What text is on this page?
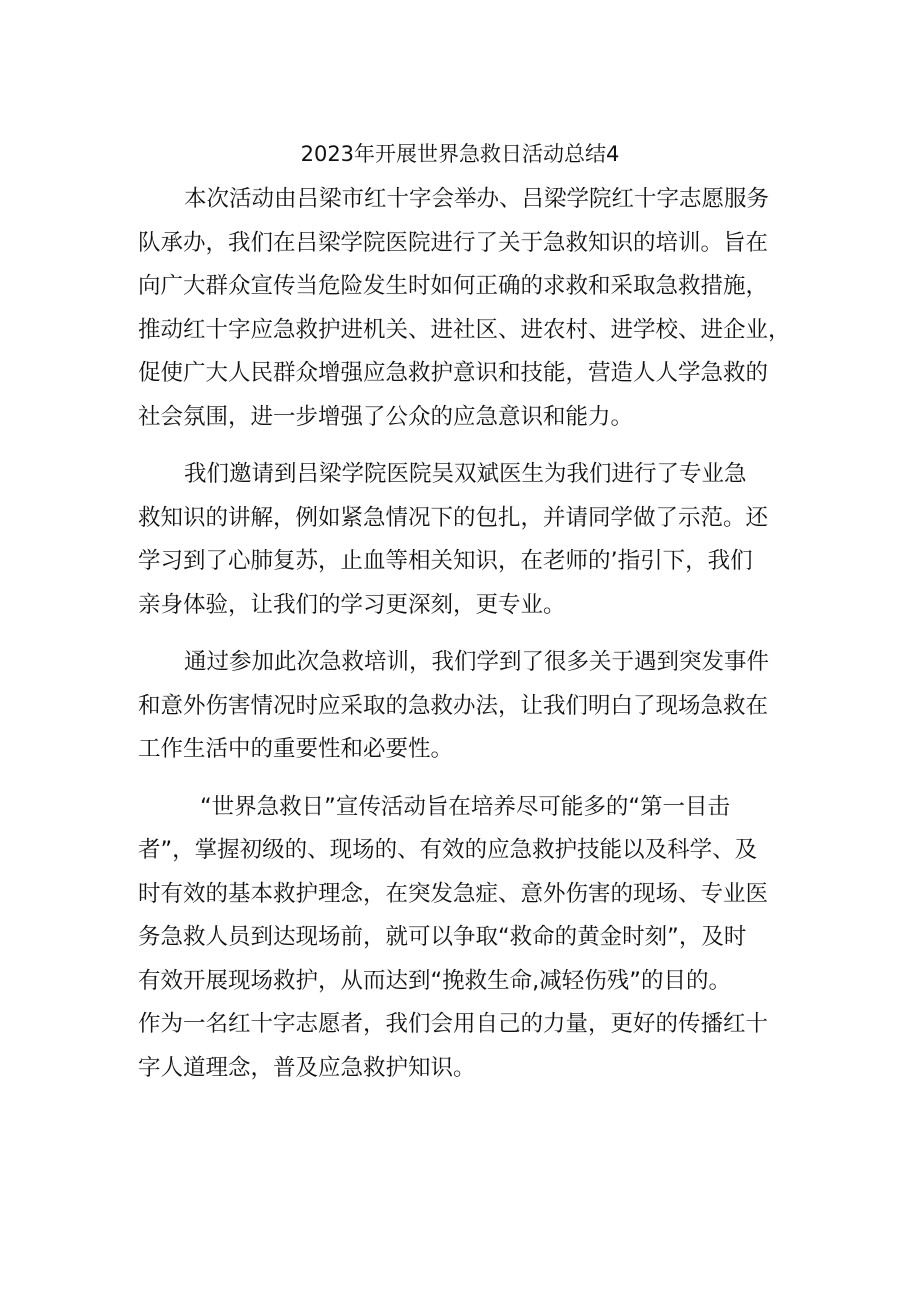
2023年开展世界急救日活动总结4
本次活动由吕梁市红十字会举办、吕梁学院红十字志愿服务
队承办，我们在吕梁学院医院进行了关于急救知识的培训。旨在
向广大群众宣传当危险发生时如何正确的求救和采取急救措施，
推动红十字应急救护进机关、进社区、进农村、进学校、进企业，
促使广大人民群众增强应急救护意识和技能，营造人人学急救的
社会氛围，进一步增强了公众的应急意识和能力。
我们邀请到吕梁学院医院吴双斌医生为我们进行了专业急
救知识的讲解，例如紧急情况下的包扎，并请同学做了示范。还
学习到了心肺复苏，止血等相关知识，在老师的’指引下，我们
亲身体验，让我们的学习更深刻，更专业。
通过参加此次急救培训，我们学到了很多关于遇到突发事件
和意外伤害情况时应采取的急救办法，让我们明白了现场急救在
工作生活中的重要性和必要性。
“世界急救日”宣传活动旨在培养尽可能多的“第一目击
者”，掌握初级的、现场的、有效的应急救护技能以及科学、及
时有效的基本救护理念，在突发急症、意外伤害的现场、专业医
务急救人员到达现场前，就可以争取“救命的黄金时刻”，及时
有效开展现场救护，从而达到“挽救生命,减轻伤残”的目的。
作为一名红十字志愿者，我们会用自己的力量，更好的传播红十
字人道理念，普及应急救护知识。
